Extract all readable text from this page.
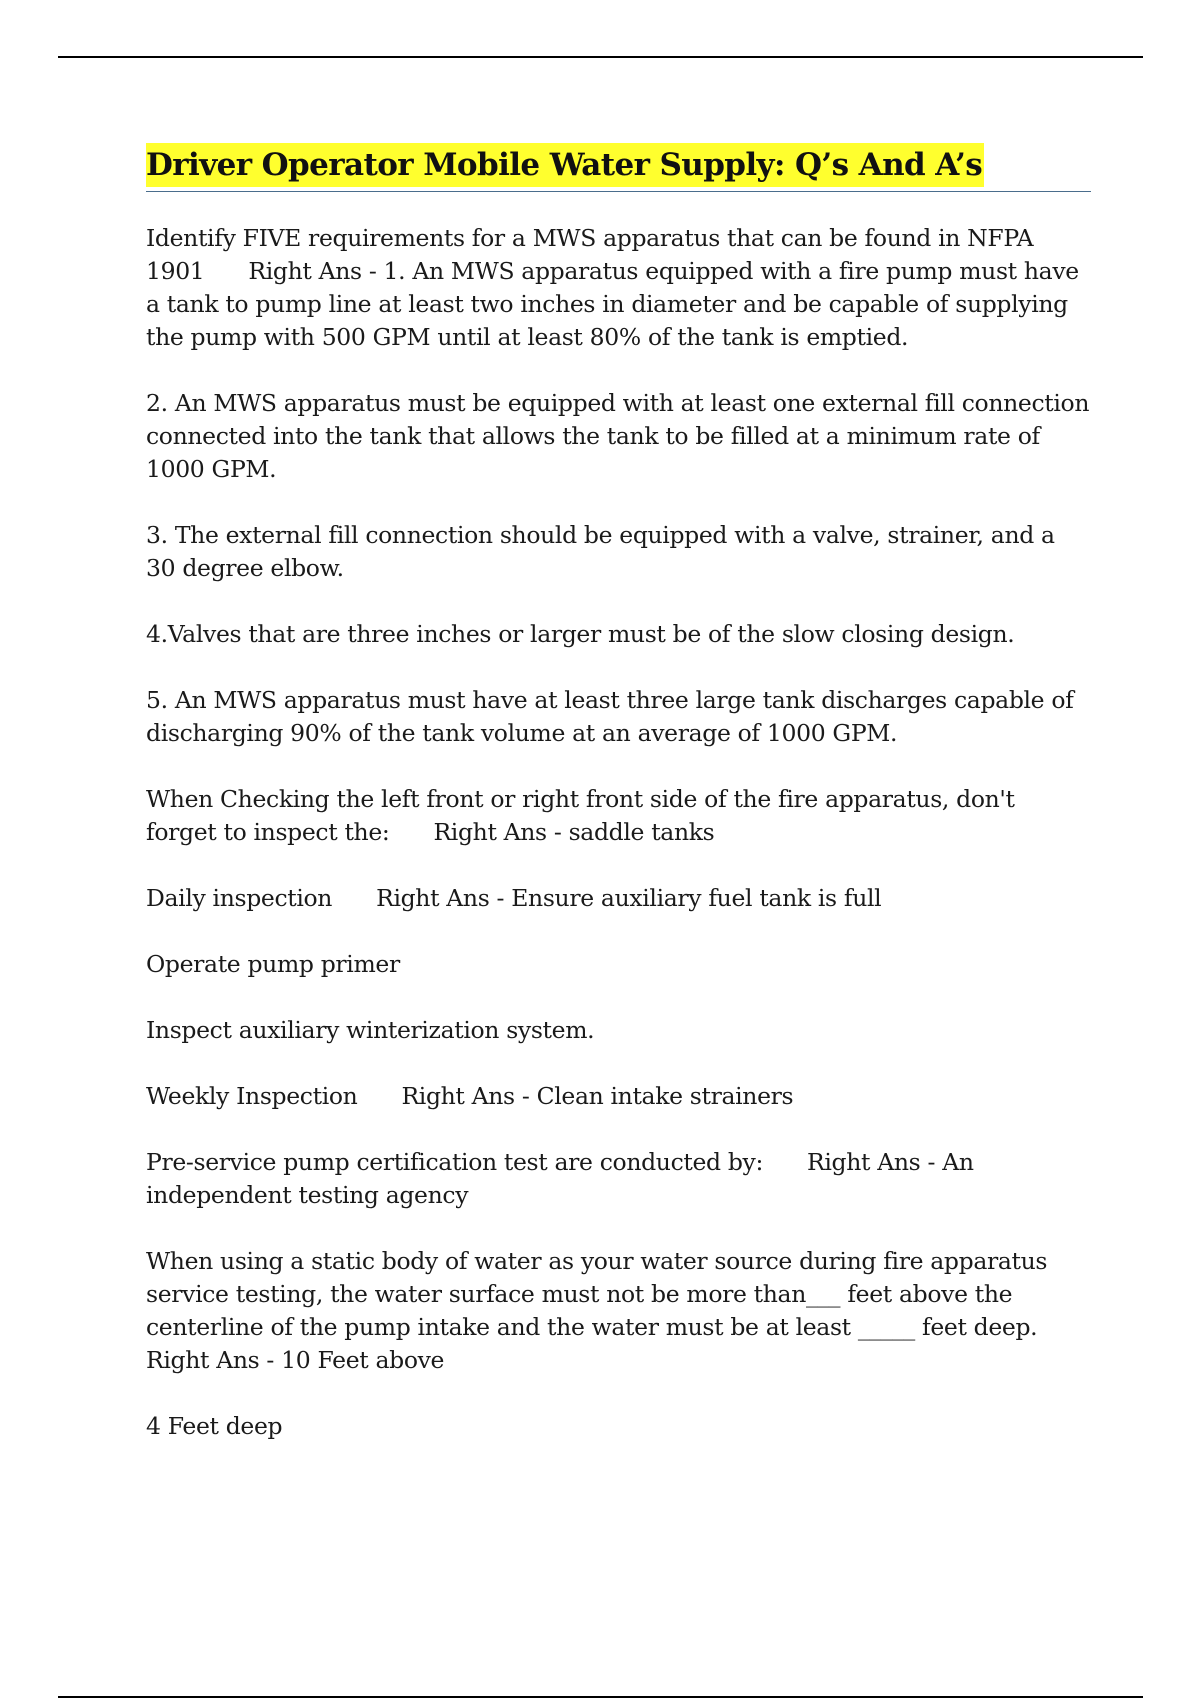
Driver Operator Mobile Water Supply: Q’s And A’s

Identify FIVE requirements for a MWS apparatus that can be found in NFPA 1901 Right Ans - 1. An MWS apparatus equipped with a fire pump must have a tank to pump line at least two inches in diameter and be capable of supplying the pump with 500 GPM until at least 80% of the tank is emptied.

2. An MWS apparatus must be equipped with at least one external fill connection connected into the tank that allows the tank to be filled at a minimum rate of 1000 GPM.

3. The external fill connection should be equipped with a valve, strainer, and a 30 degree elbow.

4.Valves that are three inches or larger must be of the slow closing design.

5. An MWS apparatus must have at least three large tank discharges capable of discharging 90% of the tank volume at an average of 1000 GPM.

When Checking the left front or right front side of the fire apparatus, don't forget to inspect the: Right Ans - saddle tanks

Daily inspection Right Ans - Ensure auxiliary fuel tank is full

Operate pump primer

Inspect auxiliary winterization system.

Weekly Inspection Right Ans - Clean intake strainers

Pre-service pump certification test are conducted by: Right Ans - An independent testing agency

When using a static body of water as your water source during fire apparatus service testing, the water surface must not be more than___ feet above the centerline of the pump intake and the water must be at least _____ feet deep.Right Ans - 10 Feet above

4 Feet deep
